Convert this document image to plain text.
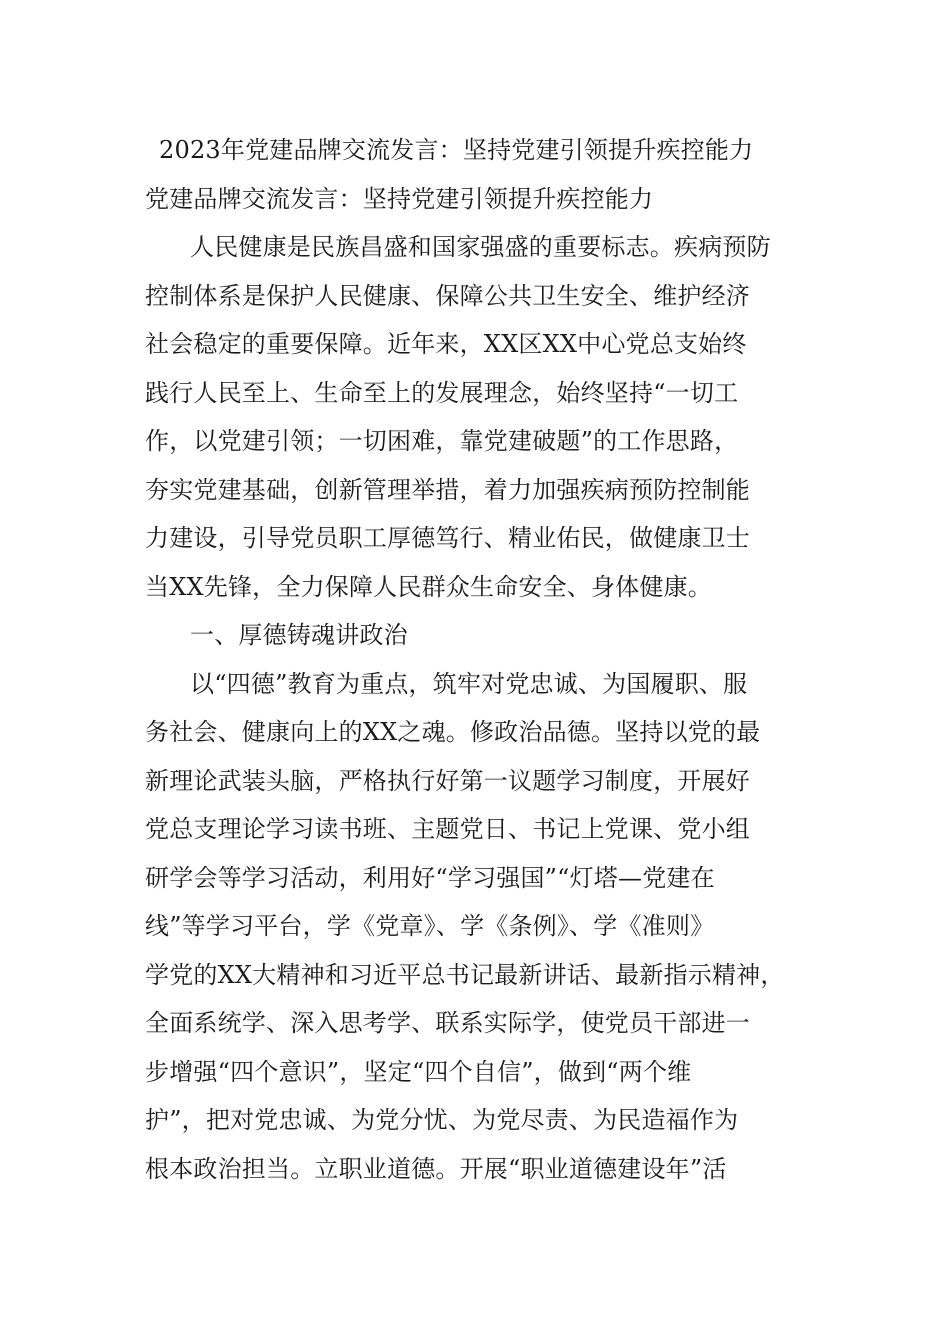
2023年党建品牌交流发言：坚持党建引领提升疾控能力
党建品牌交流发言：坚持党建引领提升疾控能力
人民健康是民族昌盛和国家强盛的重要标志。疾病预防
控制体系是保护人民健康、保障公共卫生安全、维护经济
社会稳定的重要保障。近年来，XX区XX中心党总支始终
践行人民至上、生命至上的发展理念，始终坚持“一切工
作，以党建引领；一切困难，靠党建破题”的工作思路，
夯实党建基础，创新管理举措，着力加强疾病预防控制能
力建设，引导党员职工厚德笃行、精业佑民，做健康卫士
当XX先锋，全力保障人民群众生命安全、身体健康。
一、厚德铸魂讲政治
以“四德”教育为重点，筑牢对党忠诚、为国履职、服
务社会、健康向上的XX之魂。修政治品德。坚持以党的最
新理论武装头脑，严格执行好第一议题学习制度，开展好
党总支理论学习读书班、主题党日、书记上党课、党小组
研学会等学习活动，利用好“学习强国”“灯塔—党建在
线”等学习平台，学《党章》、学《条例》、学《准则》
学党的XX大精神和习近平总书记最新讲话、最新指示精神，
全面系统学、深入思考学、联系实际学，使党员干部进一
步增强“四个意识”，坚定“四个自信”，做到“两个维
护”，把对党忠诚、为党分忧、为党尽责、为民造福作为
根本政治担当。立职业道德。开展“职业道德建设年”活
